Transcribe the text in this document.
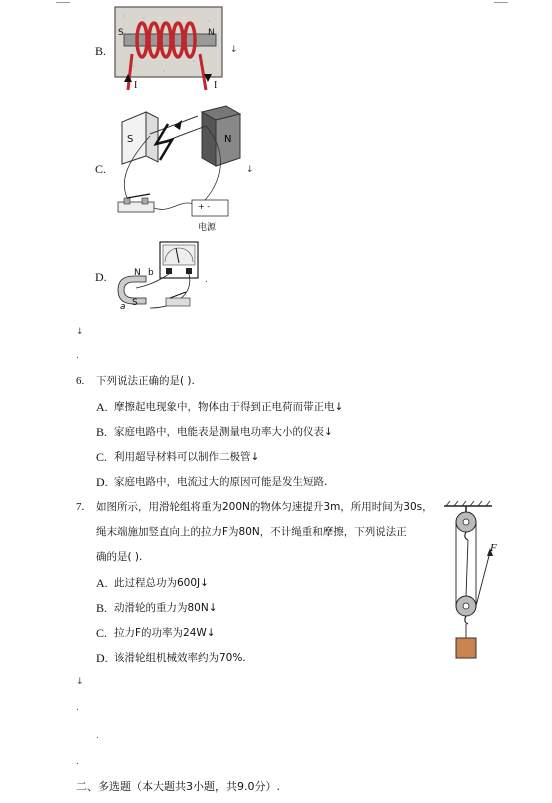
B.
S	N
I	I
↓
C.
S	N
+ -
电源
↓
D.	N b
a S
.
↓
.
6. 下列说法正确的是( ).
A. 摩擦起电现象中，物体由于得到正电荷而带正电↓
B. 家庭电路中，电能表是测量电功率大小的仪表↓
C. 利用超导材料可以制作二极管↓
D. 家庭电路中，电流过大的原因可能是发生短路.
7. 如图所示，用滑轮组将重为200N的物体匀速提升3m，所用时间为30s，
绳末端施加竖直向上的拉力F为80N，不计绳重和摩擦，下列说法正
确的是( ).
A. 此过程总功为600J↓
B. 动滑轮的重力为80N↓
C. 拉力F的功率为24W↓
D. 该滑轮组机械效率约为70%.
F
↓
.
.
.
二、多选题（本大题共3小题，共9.0分）.
